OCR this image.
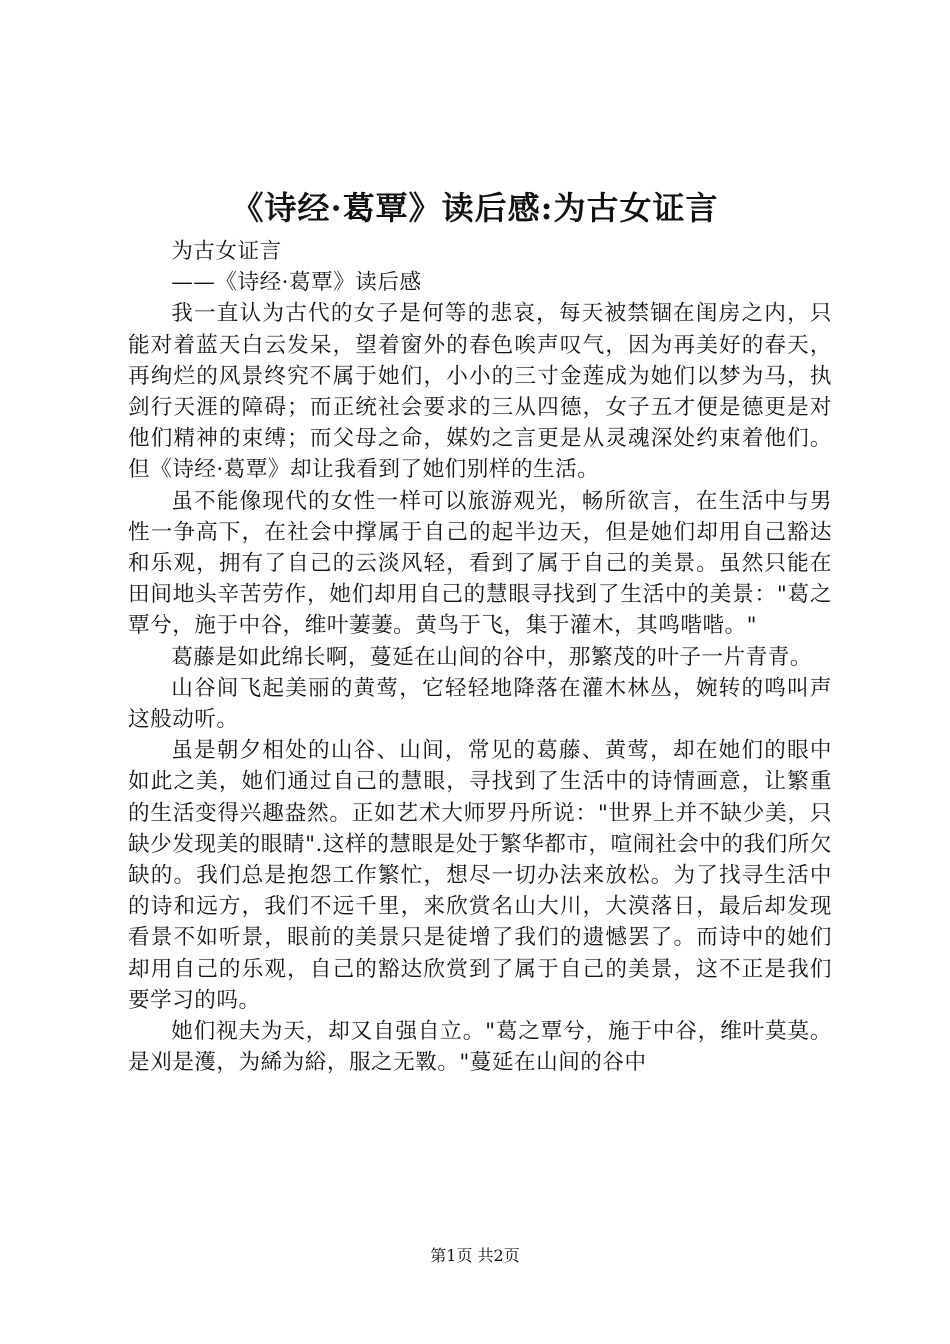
《诗经·葛覃》读后感:为古女证言

为古女证言

——《诗经·葛覃》读后感

我一直认为古代的女子是何等的悲哀，每天被禁锢在闺房之内，只能对着蓝天白云发呆，望着窗外的春色唉声叹气，因为再美好的春天，再绚烂的风景终究不属于她们，小小的三寸金莲成为她们以梦为马，执剑行天涯的障碍；而正统社会要求的三从四德，女子五才便是德更是对他们精神的束缚；而父母之命，媒妁之言更是从灵魂深处约束着他们。但《诗经·葛覃》却让我看到了她们别样的生活。

虽不能像现代的女性一样可以旅游观光，畅所欲言，在生活中与男性一争高下，在社会中撑属于自己的起半边天，但是她们却用自己豁达和乐观，拥有了自己的云淡风轻，看到了属于自己的美景。虽然只能在田间地头辛苦劳作，她们却用自己的慧眼寻找到了生活中的美景："葛之覃兮，施于中谷，维叶萋萋。黄鸟于飞，集于灌木，其鸣喈喈。"

葛藤是如此绵长啊，蔓延在山间的谷中，那繁茂的叶子一片青青。

山谷间飞起美丽的黄莺，它轻轻地降落在灌木林丛，婉转的鸣叫声这般动听。

虽是朝夕相处的山谷、山间，常见的葛藤、黄莺，却在她们的眼中如此之美，她们通过自己的慧眼，寻找到了生活中的诗情画意，让繁重的生活变得兴趣盎然。正如艺术大师罗丹所说："世界上并不缺少美，只缺少发现美的眼睛".这样的慧眼是处于繁华都市，喧闹社会中的我们所欠缺的。我们总是抱怨工作繁忙，想尽一切办法来放松。为了找寻生活中的诗和远方，我们不远千里，来欣赏名山大川，大漠落日，最后却发现看景不如听景，眼前的美景只是徒增了我们的遗憾罢了。而诗中的她们却用自己的乐观，自己的豁达欣赏到了属于自己的美景，这不正是我们要学习的吗。

她们视夫为天，却又自强自立。"葛之覃兮，施于中谷，维叶莫莫。是刈是濩，为絺为綌，服之无斁。"蔓延在山间的谷中

第1页 共2页
